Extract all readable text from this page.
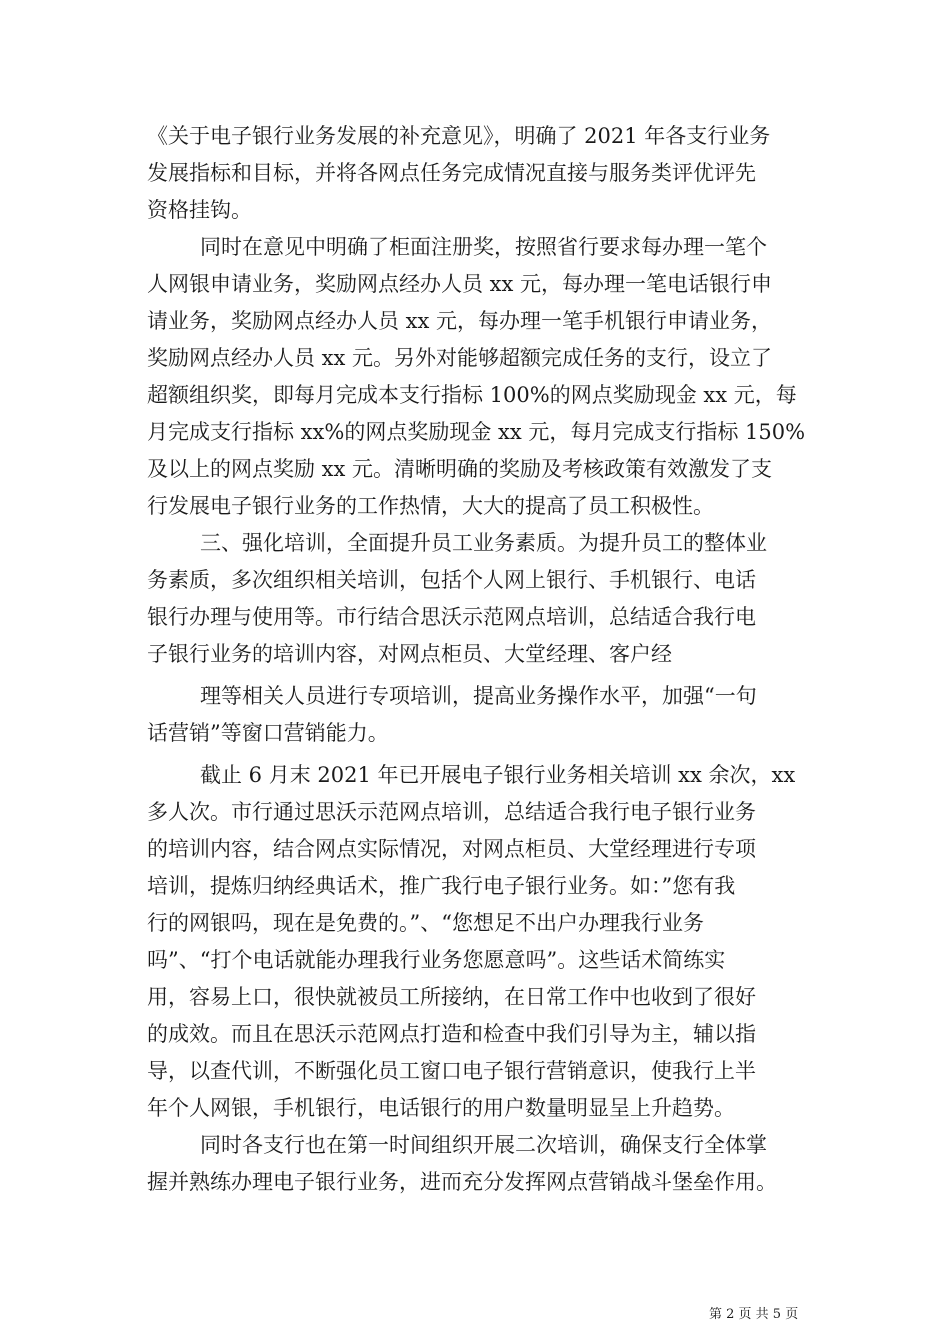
《关于电子银行业务发展的补充意见》，明确了 2021 年各支行业务
发展指标和目标，并将各网点任务完成情况直接与服务类评优评先
资格挂钩。
同时在意见中明确了柜面注册奖，按照省行要求每办理一笔个
人网银申请业务，奖励网点经办人员 xx 元，每办理一笔电话银行申
请业务，奖励网点经办人员 xx 元，每办理一笔手机银行申请业务，
奖励网点经办人员 xx 元。另外对能够超额完成任务的支行，设立了
超额组织奖，即每月完成本支行指标 100%的网点奖励现金 xx 元，每
月完成支行指标 xx%的网点奖励现金 xx 元，每月完成支行指标 150%
及以上的网点奖励 xx 元。清晰明确的奖励及考核政策有效激发了支
行发展电子银行业务的工作热情，大大的提高了员工积极性。
三、强化培训，全面提升员工业务素质。为提升员工的整体业
务素质，多次组织相关培训，包括个人网上银行、手机银行、电话
银行办理与使用等。市行结合思沃示范网点培训，总结适合我行电
子银行业务的培训内容，对网点柜员、大堂经理、客户经
理等相关人员进行专项培训，提高业务操作水平，加强“一句
话营销”等窗口营销能力。
截止 6 月末 2021 年已开展电子银行业务相关培训 xx 余次，xx
多人次。市行通过思沃示范网点培训，总结适合我行电子银行业务
的培训内容，结合网点实际情况，对网点柜员、大堂经理进行专项
培训，提炼归纳经典话术，推广我行电子银行业务。如：”您有我
行的网银吗，现在是免费的。”、“您想足不出户办理我行业务
吗”、“打个电话就能办理我行业务您愿意吗”。这些话术简练实
用，容易上口，很快就被员工所接纳，在日常工作中也收到了很好
的成效。而且在思沃示范网点打造和检查中我们引导为主，辅以指
导，以查代训，不断强化员工窗口电子银行营销意识，使我行上半
年个人网银，手机银行，电话银行的用户数量明显呈上升趋势。
同时各支行也在第一时间组织开展二次培训，确保支行全体掌
握并熟练办理电子银行业务，进而充分发挥网点营销战斗堡垒作用。
第 2 页 共 5 页
